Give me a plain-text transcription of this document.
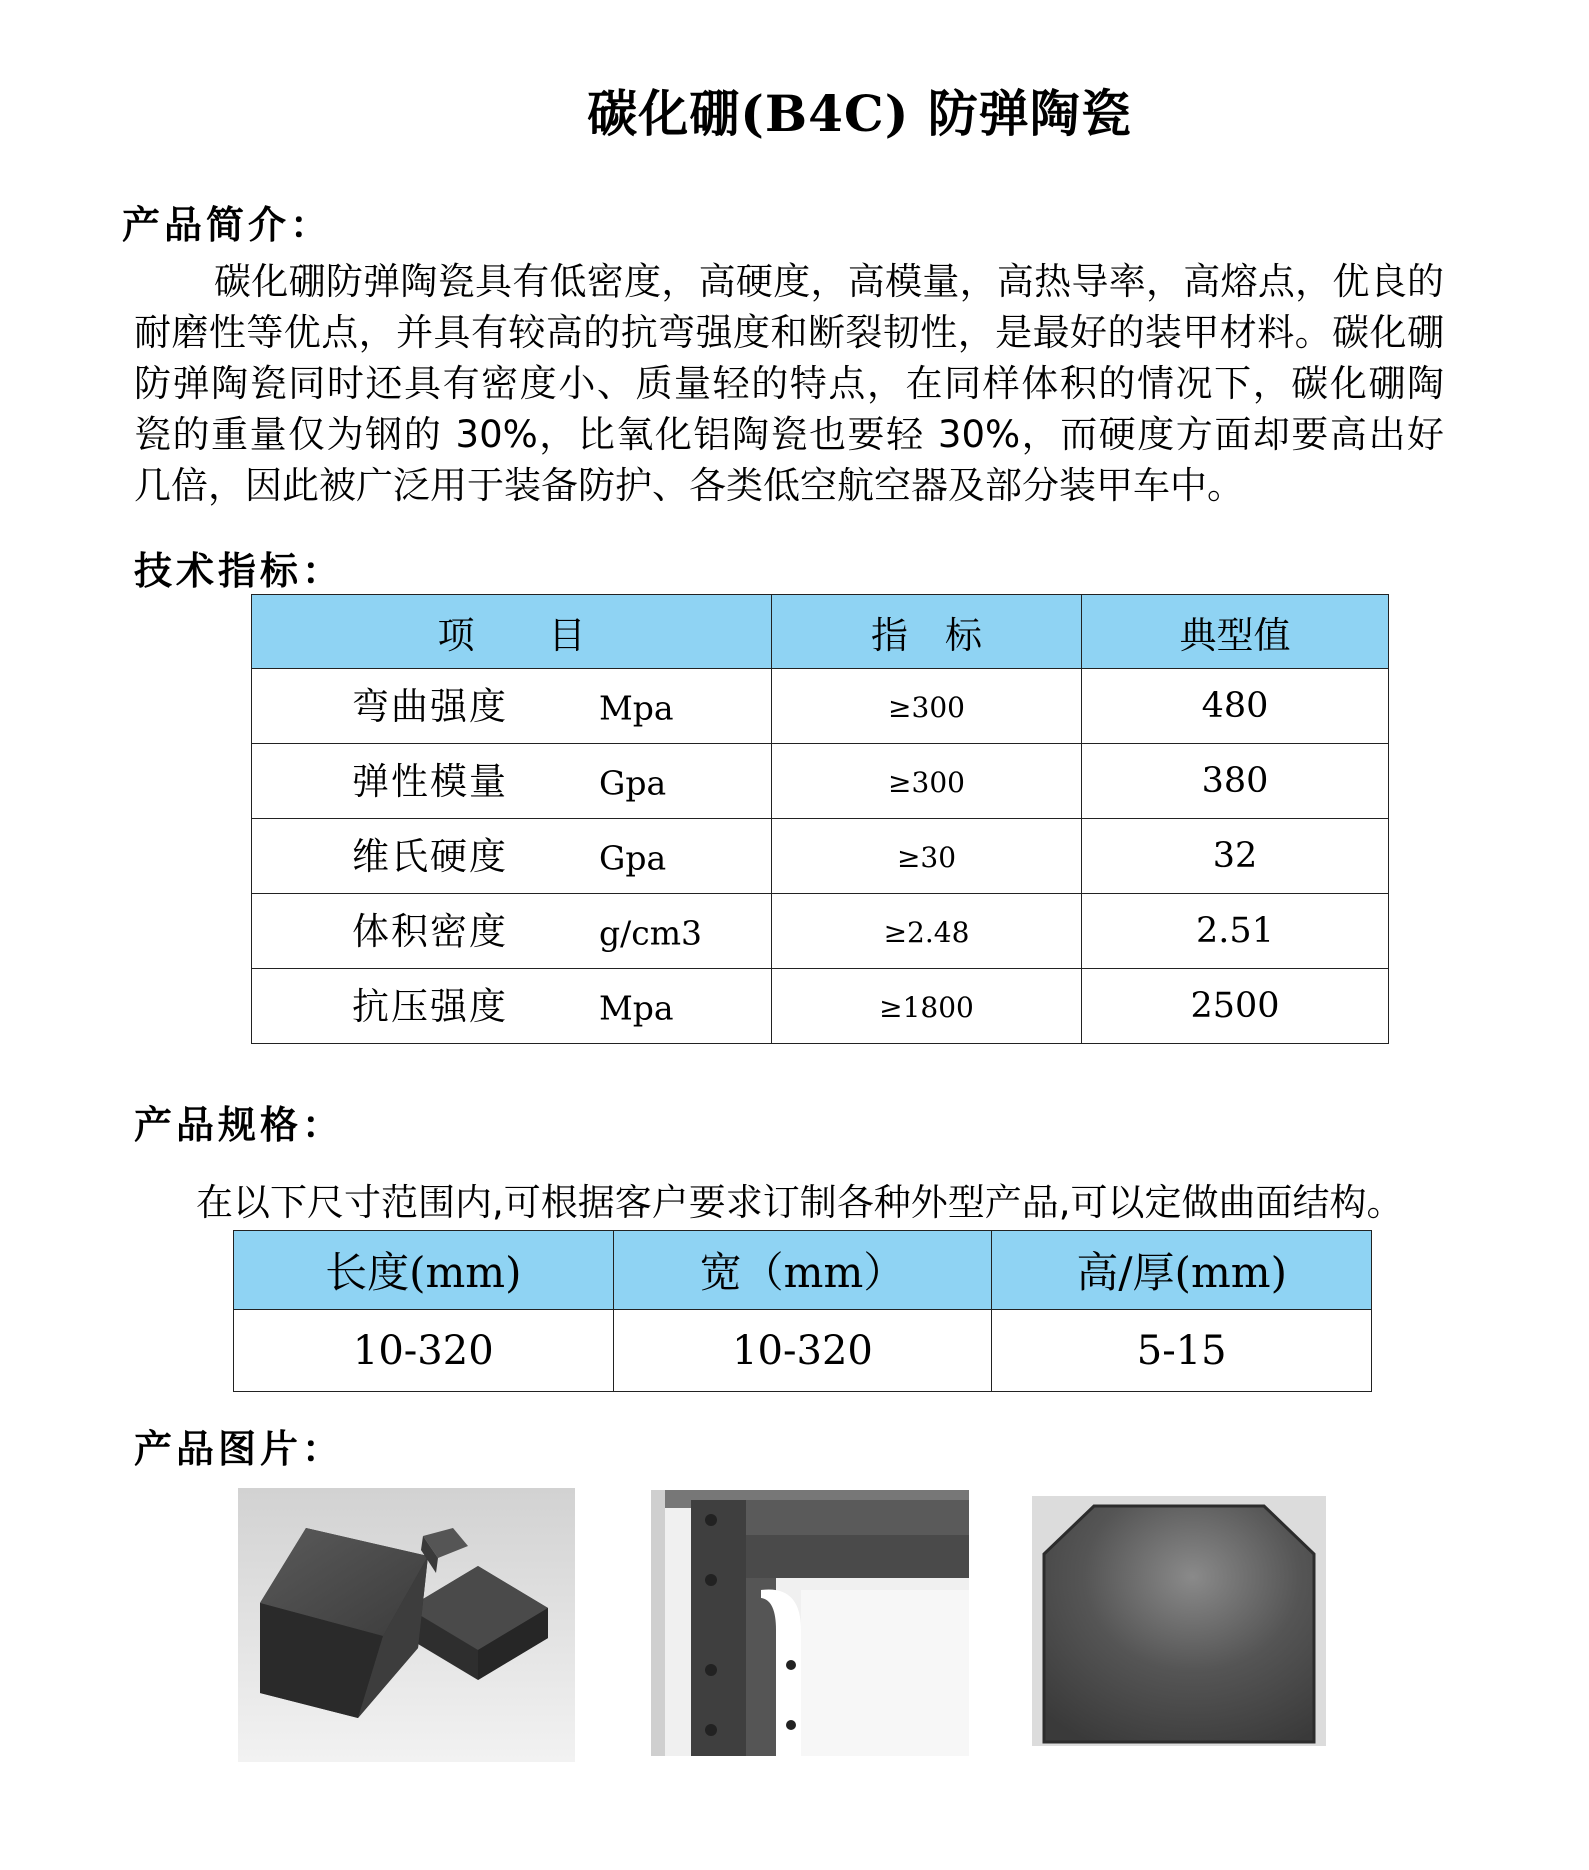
碳化硼(B4C) 防弹陶瓷
产品简介：
碳化硼防弹陶瓷具有低密度，高硬度，高模量，高热导率，高熔点，优良的
耐磨性等优点，并具有较高的抗弯强度和断裂韧性，是最好的装甲材料。碳化硼
防弹陶瓷同时还具有密度小、质量轻的特点，在同样体积的情况下，碳化硼陶
瓷的重量仅为钢的 30%，比氧化铝陶瓷也要轻 30%，而硬度方面却要高出好
几倍，因此被广泛用于装备防护、各类低空航空器及部分装甲车中。
技术指标：
项　　目	指　标	典型值

弯曲强度 Mpa	≥300	480

弹性模量 Gpa	≥300	380

维氏硬度 Gpa	≥30	32

体积密度 g/cm3	≥2.48	2.51

抗压强度 Mpa	≥1800	2500
产品规格：
在以下尺寸范围内,可根据客户要求订制各种外型产品,可以定做曲面结构。
长度(mm)	宽（mm）	高/厚(mm)
10-320	10-320	5-15
产品图片：
